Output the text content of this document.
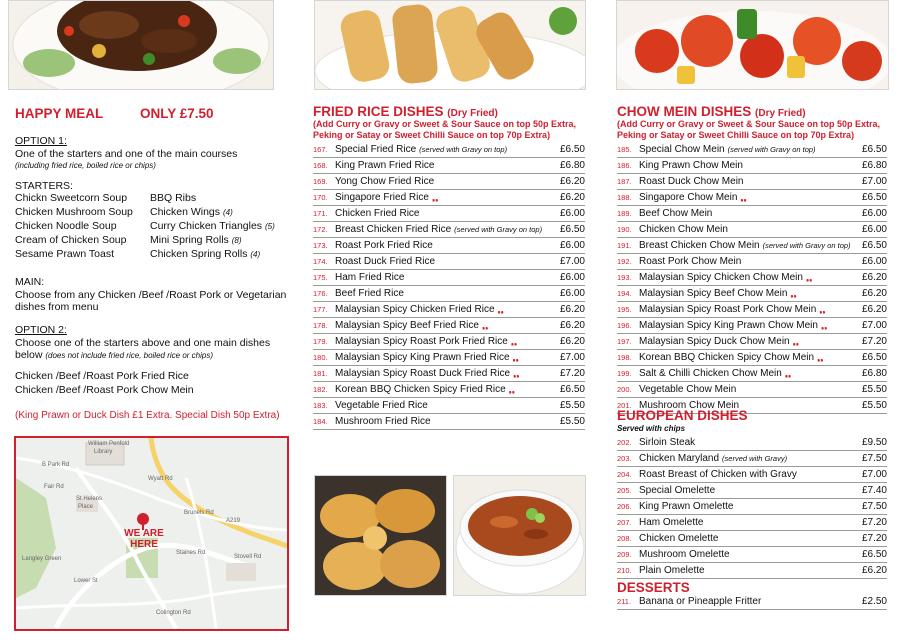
HAPPY MEAL	ONLY £7.50
OPTION 1:
One of the starters and one of the main courses
(including fried rice, boiled rice or chips)
STARTERS:
Chickn Sweetcorn Soup
Chicken Mushroom Soup
Chicken Noodle Soup
Cream of Chicken Soup
Sesame Prawn Toast
BBQ Ribs
Chicken Wings (4)
Curry Chicken Triangles (5)
Mini Spring Rolls (8)
Chicken Spring Rolls (4)
MAIN:
Choose from any Chicken /Beef /Roast Pork or Vegetarian
dishes from menu
OPTION 2:
Choose one of the starters above and one main dishes
below (does not include fried rice, boiled rice or chips)
Chicken /Beef /Roast Pork Fried Rice
Chicken /Beef /Roast Pork Chow Mein
(King Prawn or Duck Dish £1 Extra. Special Dish 50p Extra)
William Penfold
Library
B Park Rd
Fair Rd
A219
Wyatt Rd
Brunels Rd
St Helens
Place
Langley Green
Lower St
Staines Rd
Stovell Rd
Colington Rd
WE ARE
HERE
FRIED RICE DISHES (Dry Fried)
(Add Curry or Gravy or Sweet & Sour Sauce on top 50p Extra,
Peking or Satay or Sweet Chilli Sauce on top 70p Extra)
167. Special Fried Rice (served with Gravy on top)	£6.50
168. King Prawn Fried Rice	£6.80
169. Yong Chow Fried Rice	£6.20
170. Singapore Fried Rice ❟❟	£6.20
171. Chicken Fried Rice	£6.00
172. Breast Chicken Fried Rice (served with Gravy on top) £6.50
173. Roast Pork Fried Rice	£6.00
174. Roast Duck Fried Rice	£7.00
175. Ham Fried Rice	£6.00
176. Beef Fried Rice	£6.00
177. Malaysian Spicy Chicken Fried Rice ❟❟	£6.20
178. Malaysian Spicy Beef Fried Rice ❟❟	£6.20
179. Malaysian Spicy Roast Pork Fried Rice ❟❟	£6.20
180. Malaysian Spicy King Prawn Fried Rice ❟❟	£7.00
181. Malaysian Spicy Roast Duck Fried Rice ❟❟	£7.20
182. Korean BBQ Chicken Spicy Fried Rice ❟❟	£6.50
183. Vegetable Fried Rice	£5.50
184. Mushroom Fried Rice	£5.50
CHOW MEIN DISHES (Dry Fried)
(Add Curry or Gravy or Sweet & Sour Sauce on top 50p Extra,
Peking or Satay or Sweet Chilli Sauce on top 70p Extra)
185. Special Chow Mein (served with Gravy on top)	£6.50
186. King Prawn Chow Mein	£6.80
187. Roast Duck Chow Mein	£7.00
188. Singapore Chow Mein ❟❟	£6.50
189. Beef Chow Mein	£6.00
190. Chicken Chow Mein	£6.00
191. Breast Chicken Chow Mein (served with Gravy on top) £6.50
192. Roast Pork Chow Mein	£6.00
193. Malaysian Spicy Chicken Chow Mein ❟❟	£6.20
194. Malaysian Spicy Beef Chow Mein ❟❟	£6.20
195. Malaysian Spicy Roast Pork Chow Mein ❟❟	£6.20
196. Malaysian Spicy King Prawn Chow Mein ❟❟	£7.00
197. Malaysian Spicy Duck Chow Mein ❟❟	£7.20
198. Korean BBQ Chicken Spicy Chow Mein ❟❟	£6.50
199. Salt & Chilli Chicken Chow Mein ❟❟	£6.80
200. Vegetable Chow Mein	£5.50
201. Mushroom Chow Mein	£5.50
EUROPEAN DISHES
Served with chips
202. Sirloin Steak	£9.50
203. Chicken Maryland (served with Gravy)	£7.50
204. Roast Breast of Chicken with Gravy	£7.00
205. Special Omelette	£7.40
206. King Prawn Omelette	£7.50
207. Ham Omelette	£7.20
208. Chicken Omelette	£7.20
209. Mushroom Omelette	£6.50
210. Plain Omelette	£6.20
DESSERTS
211. Banana or Pineapple Fritter	£2.50
